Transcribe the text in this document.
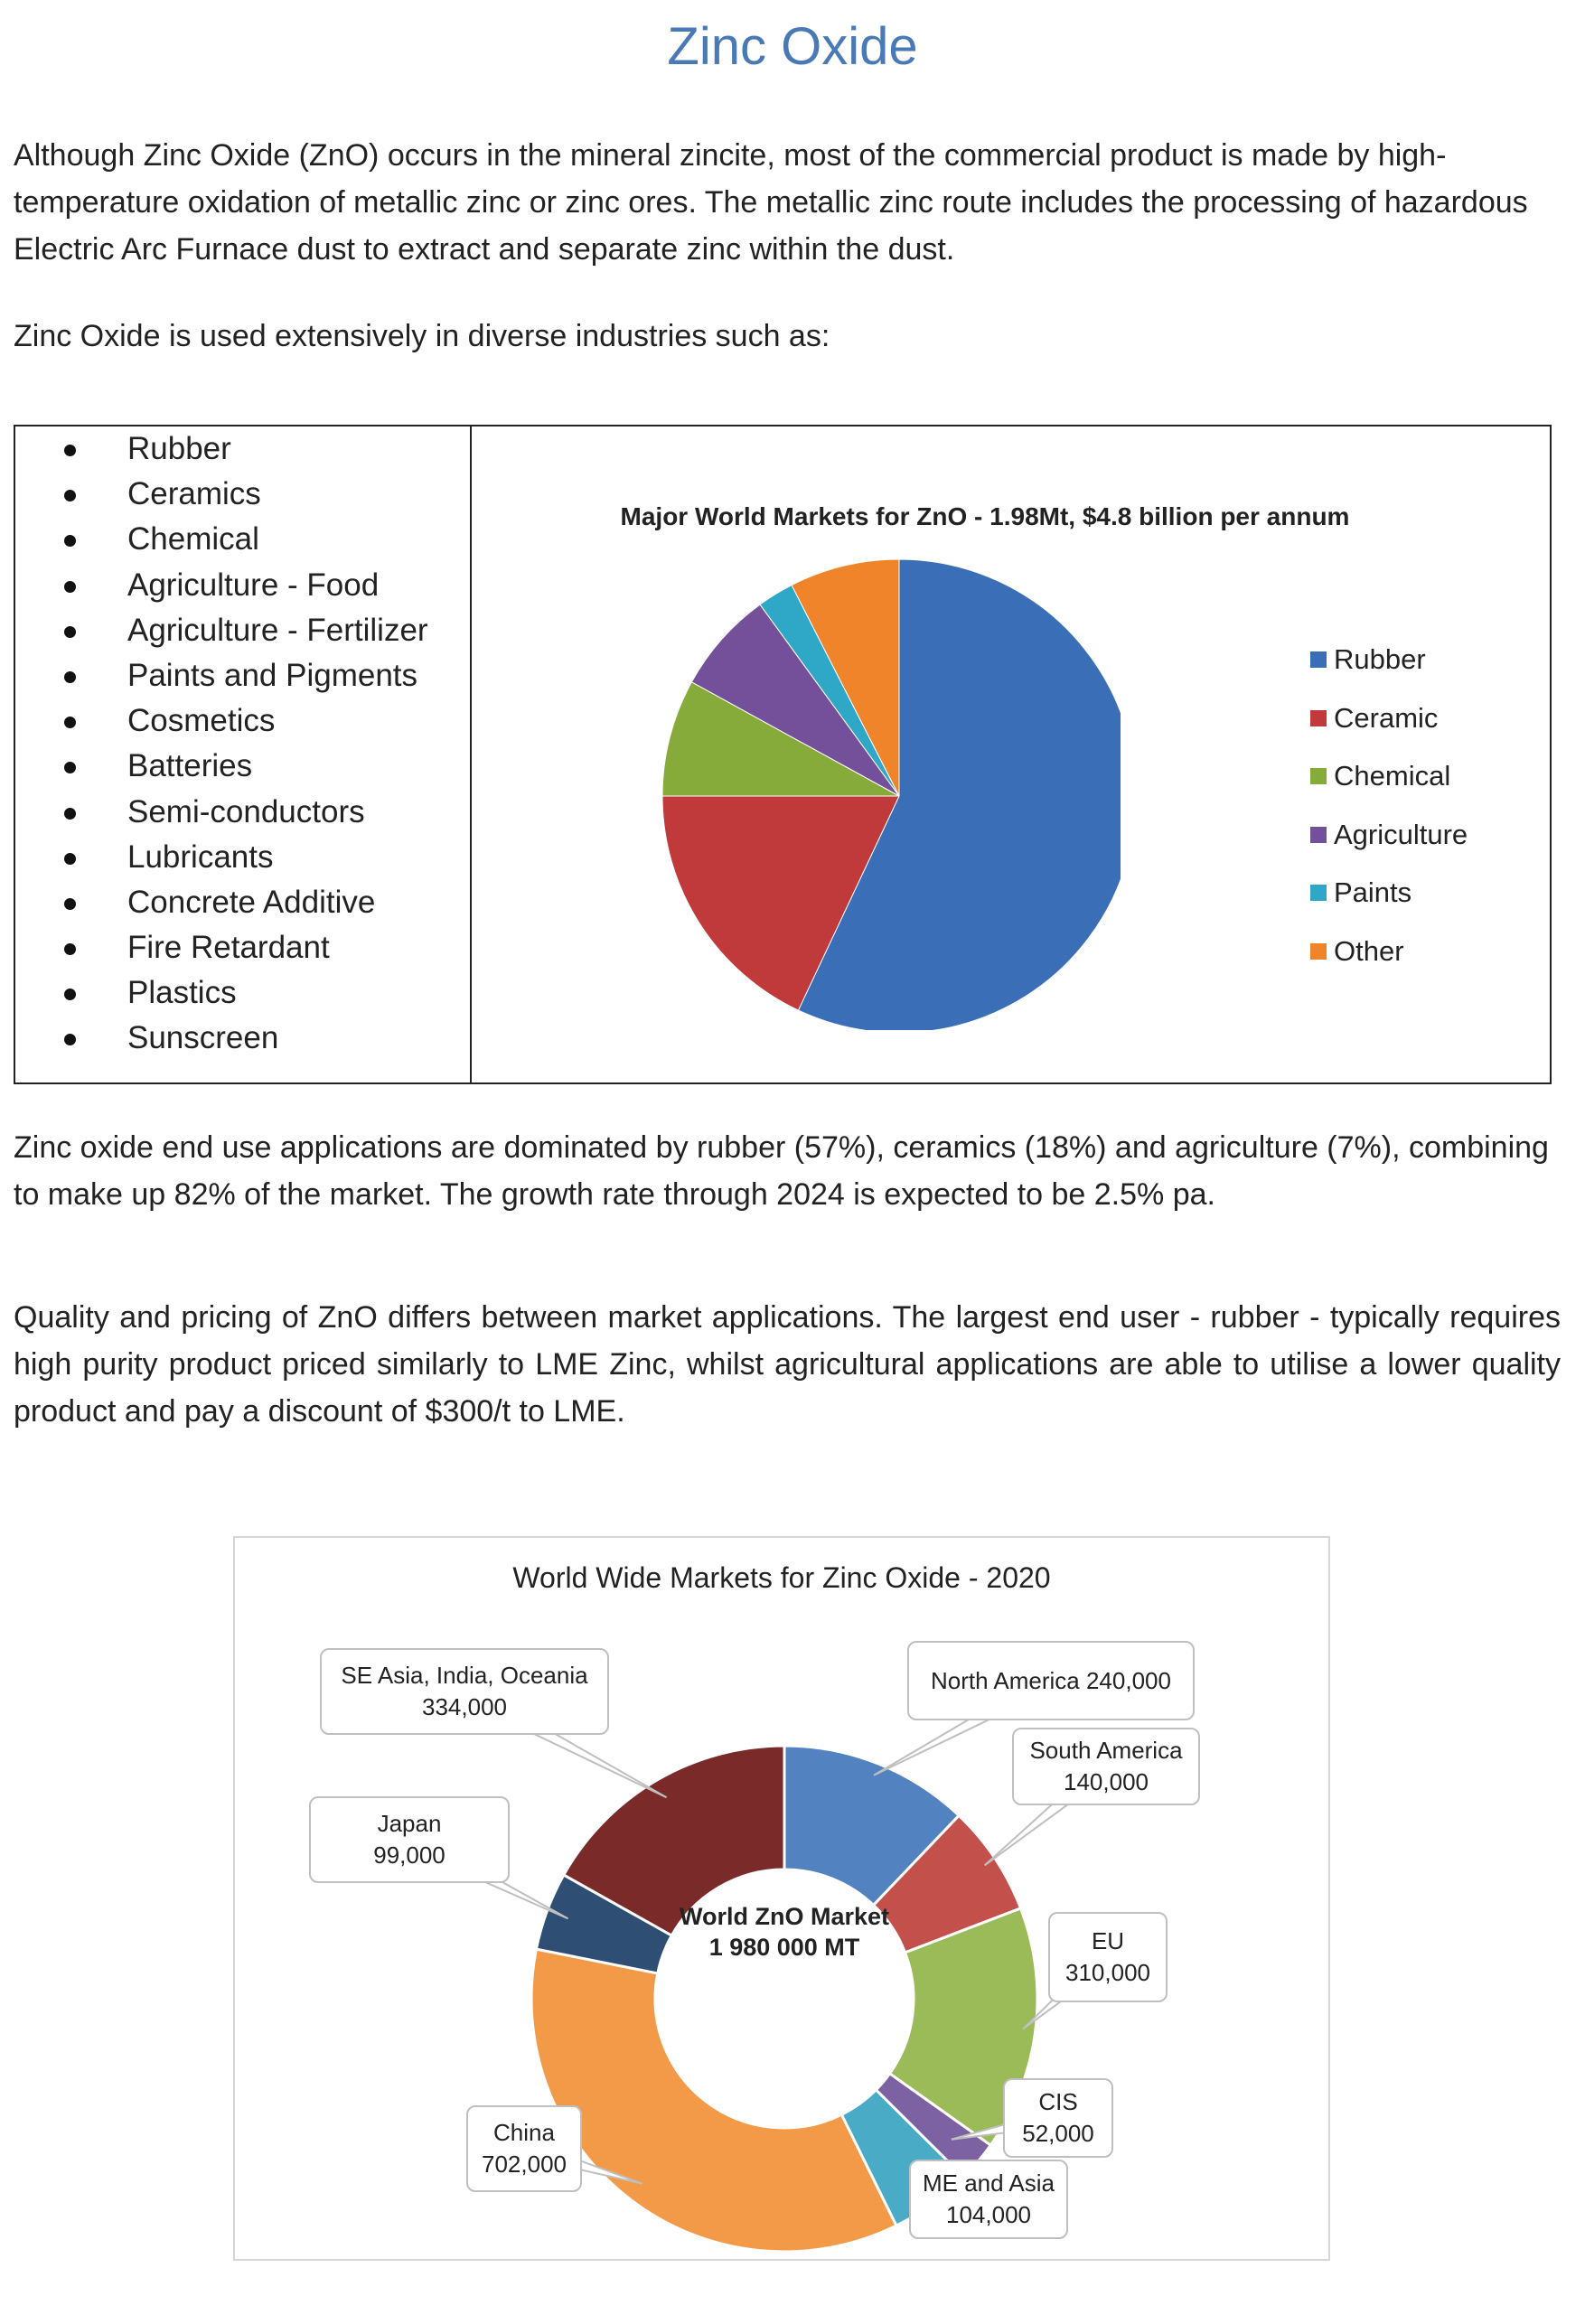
Zinc Oxide
Although Zinc Oxide (ZnO) occurs in the mineral zincite, most of the commercial product is made by high-temperature oxidation of metallic zinc or zinc ores. The metallic zinc route includes the processing of hazardous Electric Arc Furnace dust to extract and separate zinc within the dust.
Zinc Oxide is used extensively in diverse industries such as:
Rubber
Ceramics
Chemical
Agriculture - Food
Agriculture - Fertilizer
Paints and Pigments
Cosmetics
Batteries
Semi-conductors
Lubricants
Concrete Additive
Fire Retardant
Plastics
Sunscreen
Major World Markets for ZnO - 1.98Mt, $4.8 billion per annum
Rubber
Ceramic
Chemical
Agriculture
Paints
Other
Zinc oxide end use applications are dominated by rubber (57%), ceramics (18%) and agriculture (7%), combining to make up 82% of the market. The growth rate through 2024 is expected to be 2.5% pa.
Quality and pricing of ZnO differs between market applications. The largest end user - rubber - typically requires high purity product priced similarly to LME Zinc, whilst agricultural applications are able to utilise a lower quality product and pay a discount of $300/t to LME.
World Wide Markets for Zinc Oxide - 2020
World ZnO Market
1 980 000 MT
North America 240,000
South America
140,000
EU
310,000
CIS
52,000
ME and Asia
104,000
China
702,000
Japan
99,000
SE Asia, India, Oceania
334,000
